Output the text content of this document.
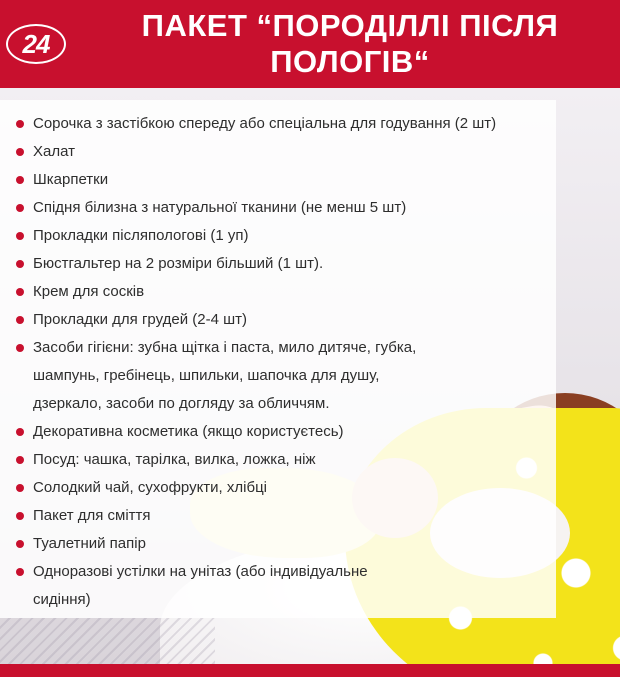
24
ПАКЕТ “ПОРОДІЛЛІ ПІСЛЯ ПОЛОГІВ“
Сорочка з застібкою спереду або спеціальна для годування (2 шт)
Халат
Шкарпетки
Спідня білизна з натуральної тканини (не менш 5 шт)
Прокладки післяпологові (1 уп)
Бюстгальтер на 2 розміри більший (1 шт).
Крем для сосків
Прокладки для грудей (2-4 шт)
Засоби гігієни: зубна щітка і паста, мило дитяче, губка,
шампунь, гребінець, шпильки, шапочка для душу,
дзеркало, засоби по догляду за обличчям.
Декоративна косметика (якщо користуєтесь)
Посуд: чашка, тарілка, вилка, ложка, ніж
Солодкий чай, сухофрукти, хлібці
Пакет для сміття
Туалетний папір
Одноразові устілки на унітаз (або індивідуальне
сидіння)
